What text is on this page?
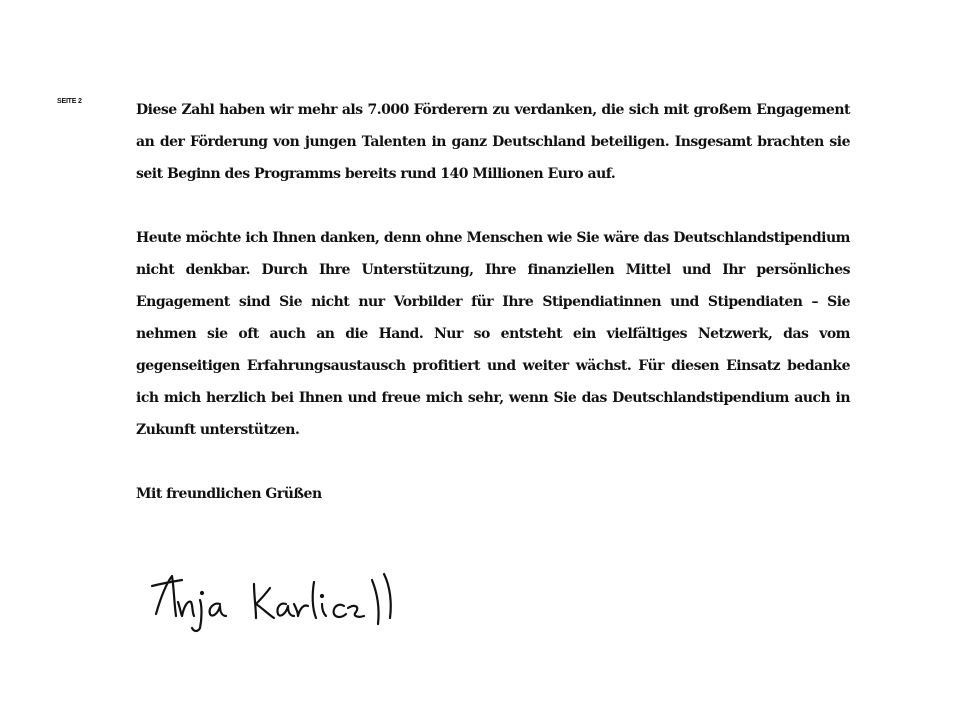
SEITE 2

Diese Zahl haben wir mehr als 7.000 Förderern zu verdanken, die sich mit großem Engagement an der Förderung von jungen Talenten in ganz Deutschland beteiligen. Insgesamt brachten sie seit Beginn des Programms bereits rund 140 Millionen Euro auf.

Heute möchte ich Ihnen danken, denn ohne Menschen wie Sie wäre das Deutschlandstipendium nicht denkbar. Durch Ihre Unterstützung, Ihre finanziellen Mittel und Ihr persönliches Engagement sind Sie nicht nur Vorbilder für Ihre Stipendiatinnen und Stipendiaten – Sie nehmen sie oft auch an die Hand. Nur so entsteht ein vielfältiges Netzwerk, das vom gegenseitigen Erfahrungsaustausch profitiert und weiter wächst. Für diesen Einsatz bedanke ich mich herzlich bei Ihnen und freue mich sehr, wenn Sie das Deutschlandstipendium auch in Zukunft unterstützen.

Mit freundlichen Grüßen
